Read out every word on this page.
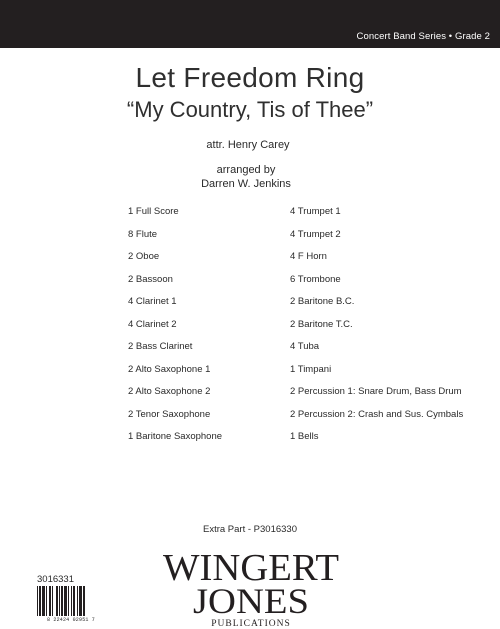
Concert Band Series • Grade 2
Let Freedom Ring
“My Country, Tis of Thee”
attr. Henry Carey
arranged by
Darren W. Jenkins
1 Full Score
8 Flute
2 Oboe
2 Bassoon
4 Clarinet 1
4 Clarinet 2
2 Bass Clarinet
2 Alto Saxophone 1
2 Alto Saxophone 2
2 Tenor Saxophone
1 Baritone Saxophone
4 Trumpet 1
4 Trumpet 2
4 F Horn
6 Trombone
2 Baritone B.C.
2 Baritone T.C.
4 Tuba
1 Timpani
2 Percussion 1: Snare Drum, Bass Drum
2 Percussion 2: Crash and Sus. Cymbals
1 Bells
Extra Part - P3016330
3016331
8 22424 02951 7
WINGERT
JONES
PUBLICATIONS
